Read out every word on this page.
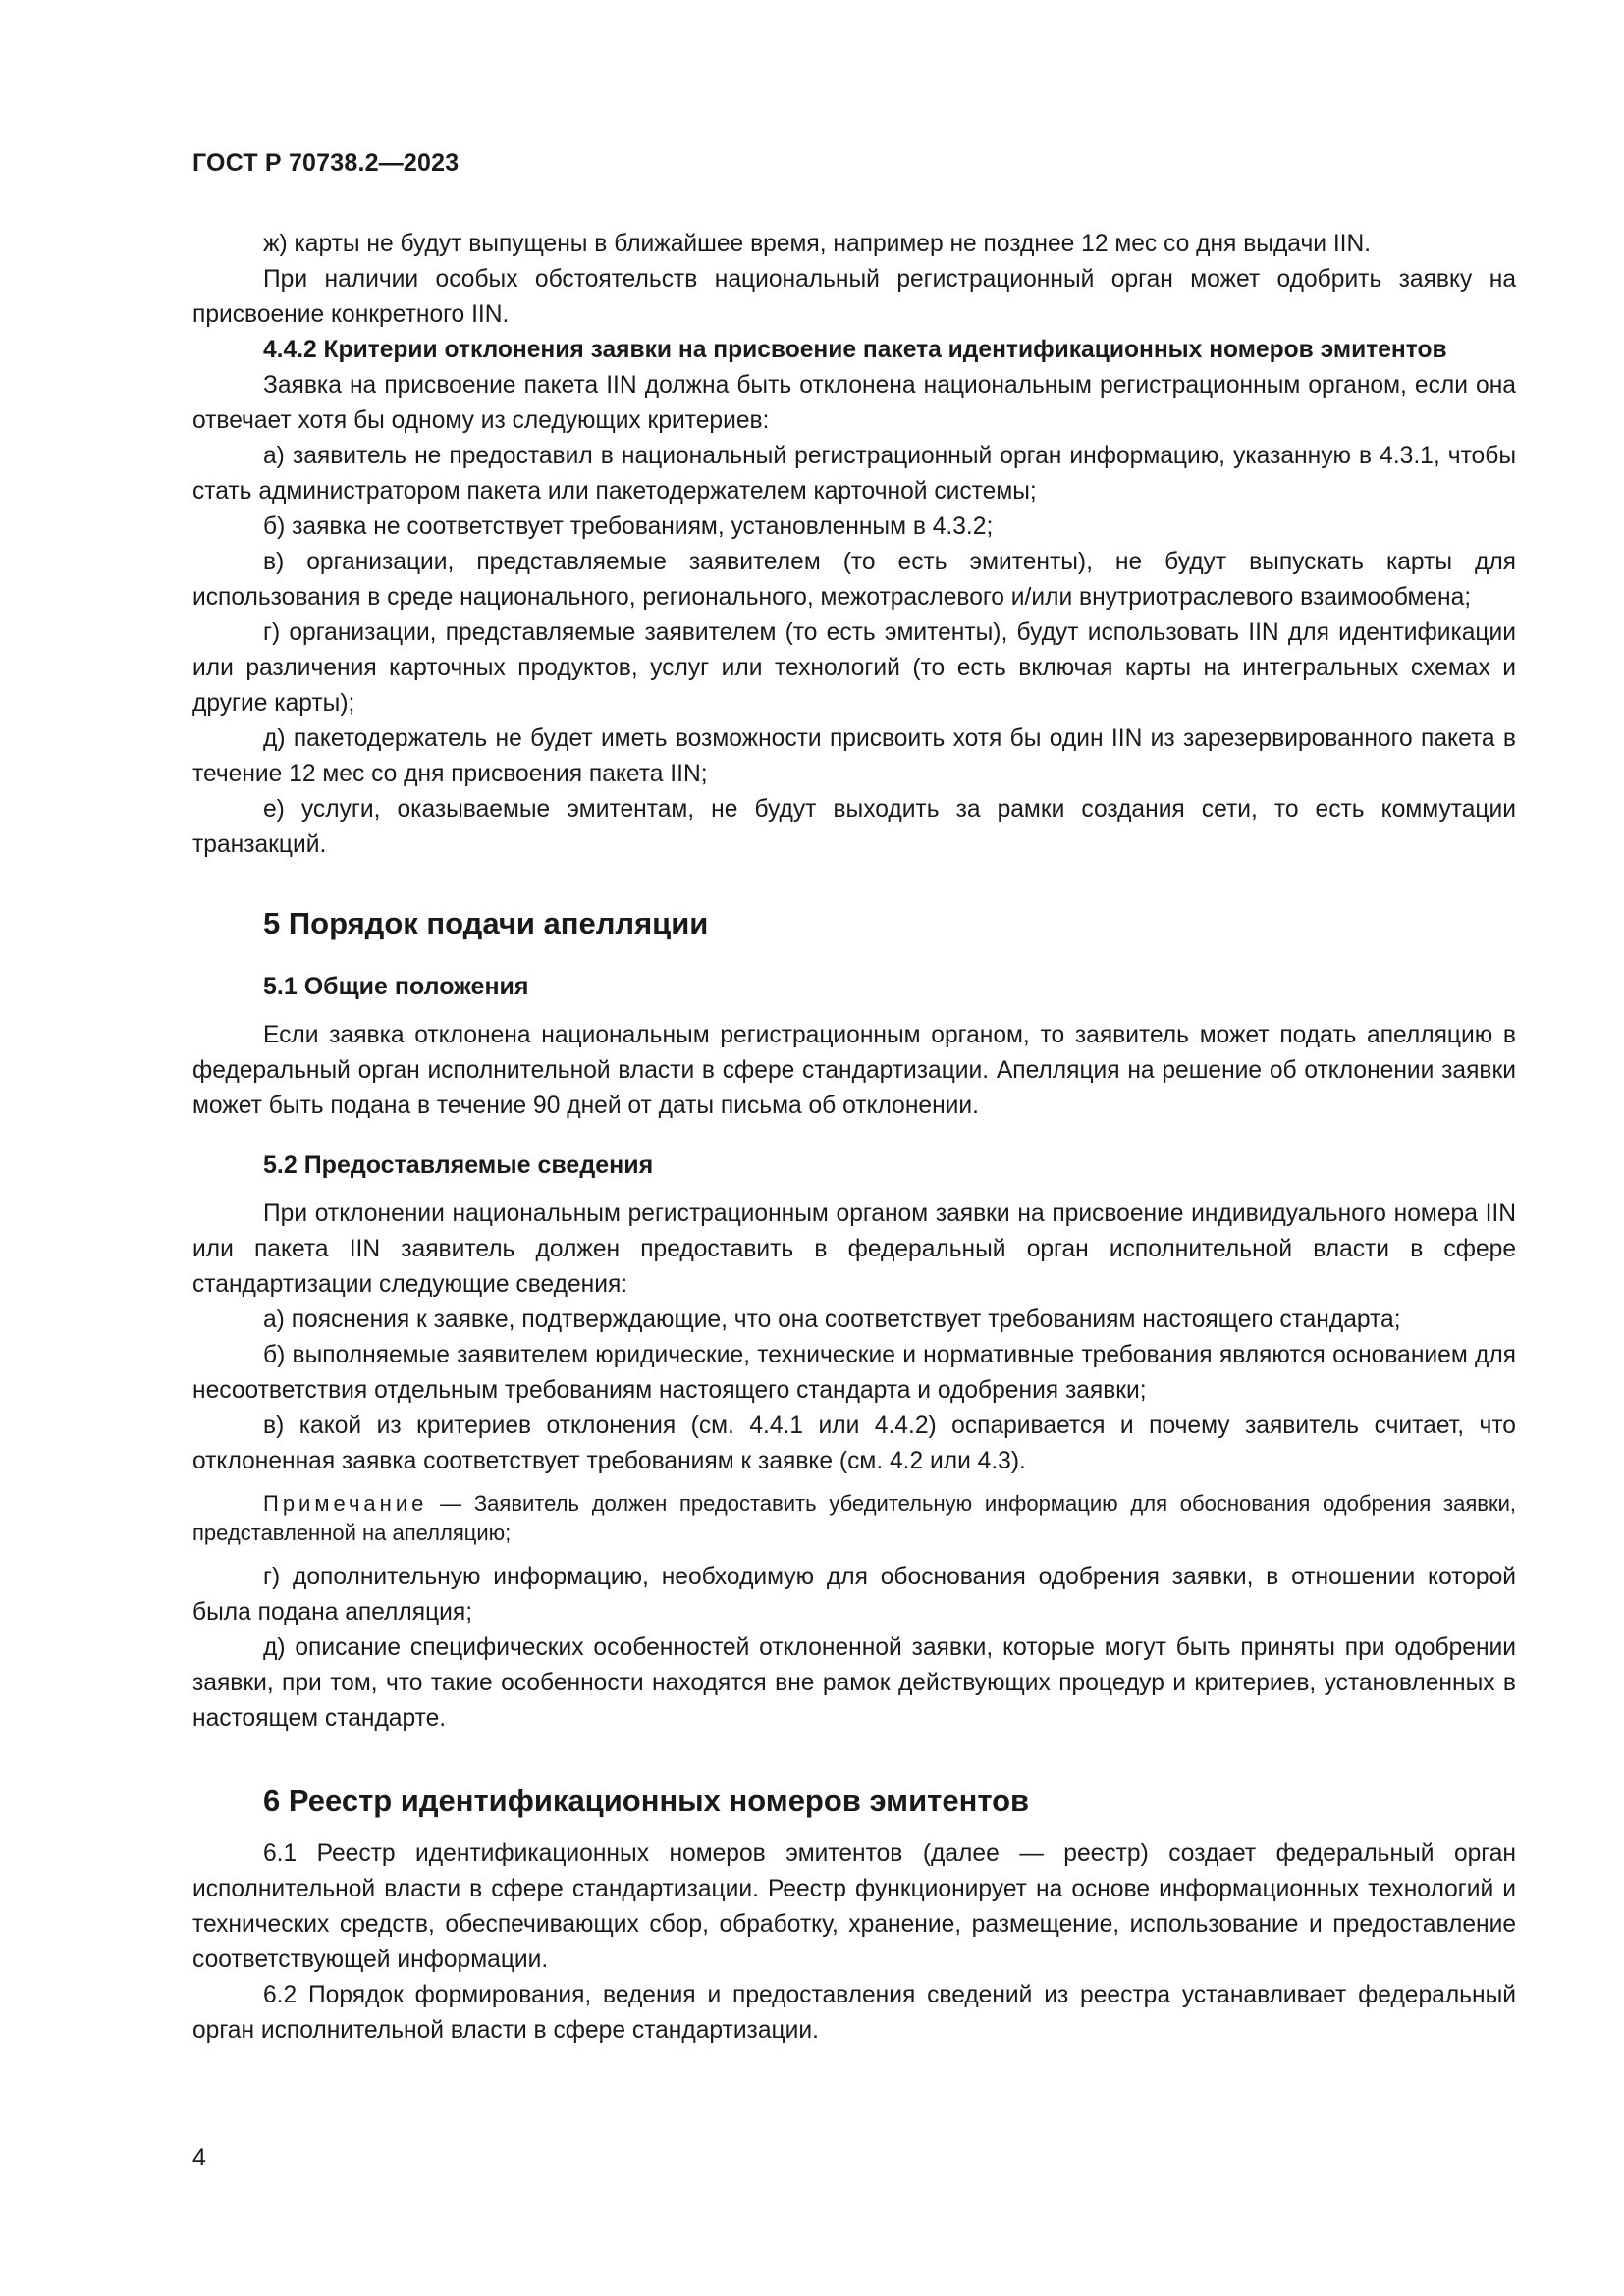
ГОСТ Р 70738.2—2023

ж) карты не будут выпущены в ближайшее время, например не позднее 12 мес со дня выдачи IIN.

При наличии особых обстоятельств национальный регистрационный орган может одобрить заявку на присвоение конкретного IIN.

4.4.2 Критерии отклонения заявки на присвоение пакета идентификационных номеров эмитентов

Заявка на присвоение пакета IIN должна быть отклонена национальным регистрационным органом, если она отвечает хотя бы одному из следующих критериев:

а) заявитель не предоставил в национальный регистрационный орган информацию, указанную в 4.3.1, чтобы стать администратором пакета или пакетодержателем карточной системы;

б) заявка не соответствует требованиям, установленным в 4.3.2;

в) организации, представляемые заявителем (то есть эмитенты), не будут выпускать карты для использования в среде национального, регионального, межотраслевого и/или внутриотраслевого взаимообмена;

г) организации, представляемые заявителем (то есть эмитенты), будут использовать IIN для идентификации или различения карточных продуктов, услуг или технологий (то есть включая карты на интегральных схемах и другие карты);

д) пакетодержатель не будет иметь возможности присвоить хотя бы один IIN из зарезервированного пакета в течение 12 мес со дня присвоения пакета IIN;

е) услуги, оказываемые эмитентам, не будут выходить за рамки создания сети, то есть коммутации транзакций.

5 Порядок подачи апелляции
5.1 Общие положения

Если заявка отклонена национальным регистрационным органом, то заявитель может подать апелляцию в федеральный орган исполнительной власти в сфере стандартизации. Апелляция на решение об отклонении заявки может быть подана в течение 90 дней от даты письма об отклонении.

5.2 Предоставляемые сведения

При отклонении национальным регистрационным органом заявки на присвоение индивидуального номера IIN или пакета IIN заявитель должен предоставить в федеральный орган исполнительной власти в сфере стандартизации следующие сведения:

а) пояснения к заявке, подтверждающие, что она соответствует требованиям настоящего стандарта;

б) выполняемые заявителем юридические, технические и нормативные требования являются основанием для несоответствия отдельным требованиям настоящего стандарта и одобрения заявки;

в) какой из критериев отклонения (см. 4.4.1 или 4.4.2) оспаривается и почему заявитель считает, что отклоненная заявка соответствует требованиям к заявке (см. 4.2 или 4.3).

Примечание — Заявитель должен предоставить убедительную информацию для обоснования одобрения заявки, представленной на апелляцию;

г) дополнительную информацию, необходимую для обоснования одобрения заявки, в отношении которой была подана апелляция;

д) описание специфических особенностей отклоненной заявки, которые могут быть приняты при одобрении заявки, при том, что такие особенности находятся вне рамок действующих процедур и критериев, установленных в настоящем стандарте.

6 Реестр идентификационных номеров эмитентов

6.1 Реестр идентификационных номеров эмитентов (далее — реестр) создает федеральный орган исполнительной власти в сфере стандартизации. Реестр функционирует на основе информационных технологий и технических средств, обеспечивающих сбор, обработку, хранение, размещение, использование и предоставление соответствующей информации.

6.2 Порядок формирования, ведения и предоставления сведений из реестра устанавливает федеральный орган исполнительной власти в сфере стандартизации.

4
